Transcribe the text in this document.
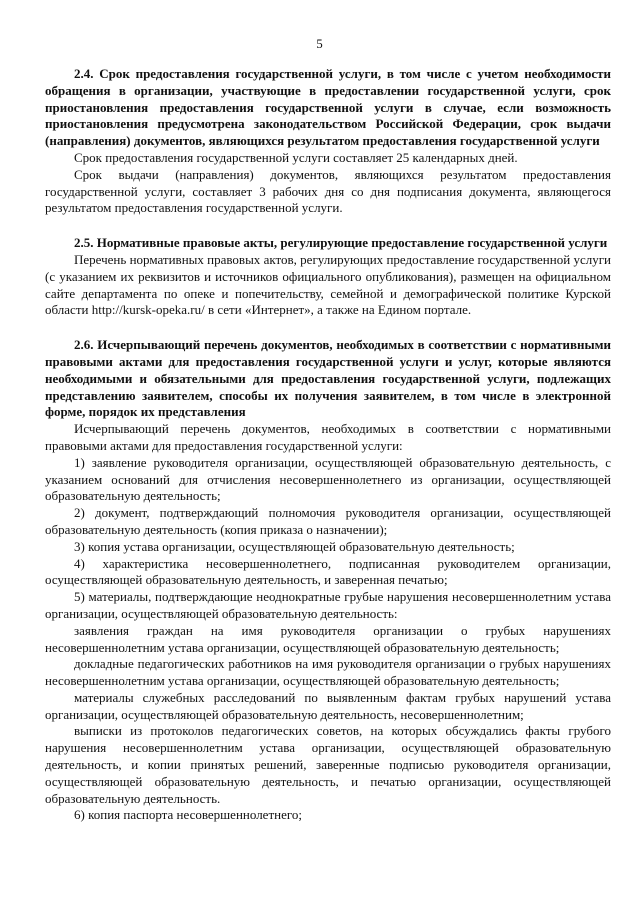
5

2.4. Срок предоставления государственной услуги, в том числе с учетом необходимости обращения в организации, участвующие в предоставлении государственной услуги, срок приостановления предоставления государственной услуги в случае, если возможность приостановления предусмотрена законодательством Российской Федерации, срок выдачи (направления) документов, являющихся результатом предоставления государственной услуги

Срок предоставления государственной услуги составляет 25 календарных дней.

Срок выдачи (направления) документов, являющихся результатом предоставления государственной услуги, составляет 3 рабочих дня со дня подписания документа, являющегося результатом предоставления государственной услуги.

2.5. Нормативные правовые акты, регулирующие предоставление государственной услуги

Перечень нормативных правовых актов, регулирующих предоставление государственной услуги (с указанием их реквизитов и источников официального опубликования), размещен на официальном сайте департамента по опеке и попечительству, семейной и демографической политике Курской области http://kursk-opeka.ru/ в сети «Интернет», а также на Едином портале.

2.6. Исчерпывающий перечень документов, необходимых в соответствии с нормативными правовыми актами для предоставления государственной услуги и услуг, которые являются необходимыми и обязательными для предоставления государственной услуги, подлежащих представлению заявителем, способы их получения заявителем, в том числе в электронной форме, порядок их представления

Исчерпывающий перечень документов, необходимых в соответствии с нормативными правовыми актами для предоставления государственной услуги:

1) заявление руководителя организации, осуществляющей образовательную деятельность, с указанием оснований для отчисления несовершеннолетнего из организации, осуществляющей образовательную деятельность;

2) документ, подтверждающий полномочия руководителя организации, осуществляющей образовательную деятельность (копия приказа о назначении);

3) копия устава организации, осуществляющей образовательную деятельность;

4) характеристика несовершеннолетнего, подписанная руководителем организации, осуществляющей образовательную деятельность, и заверенная печатью;

5) материалы, подтверждающие неоднократные грубые нарушения несовершеннолетним устава организации, осуществляющей образовательную деятельность:

заявления граждан на имя руководителя организации о грубых нарушениях несовершеннолетним устава организации, осуществляющей образовательную деятельность;

докладные педагогических работников на имя руководителя организации о грубых нарушениях несовершеннолетним устава организации, осуществляющей образовательную деятельность;

материалы служебных расследований по выявленным фактам грубых нарушений устава организации, осуществляющей образовательную деятельность, несовершеннолетним;

выписки из протоколов педагогических советов, на которых обсуждались факты грубого нарушения несовершеннолетним устава организации, осуществляющей образовательную деятельность, и копии принятых решений, заверенные подписью руководителя организации, осуществляющей образовательную деятельность, и печатью организации, осуществляющей образовательную деятельность.

6) копия паспорта несовершеннолетнего;
